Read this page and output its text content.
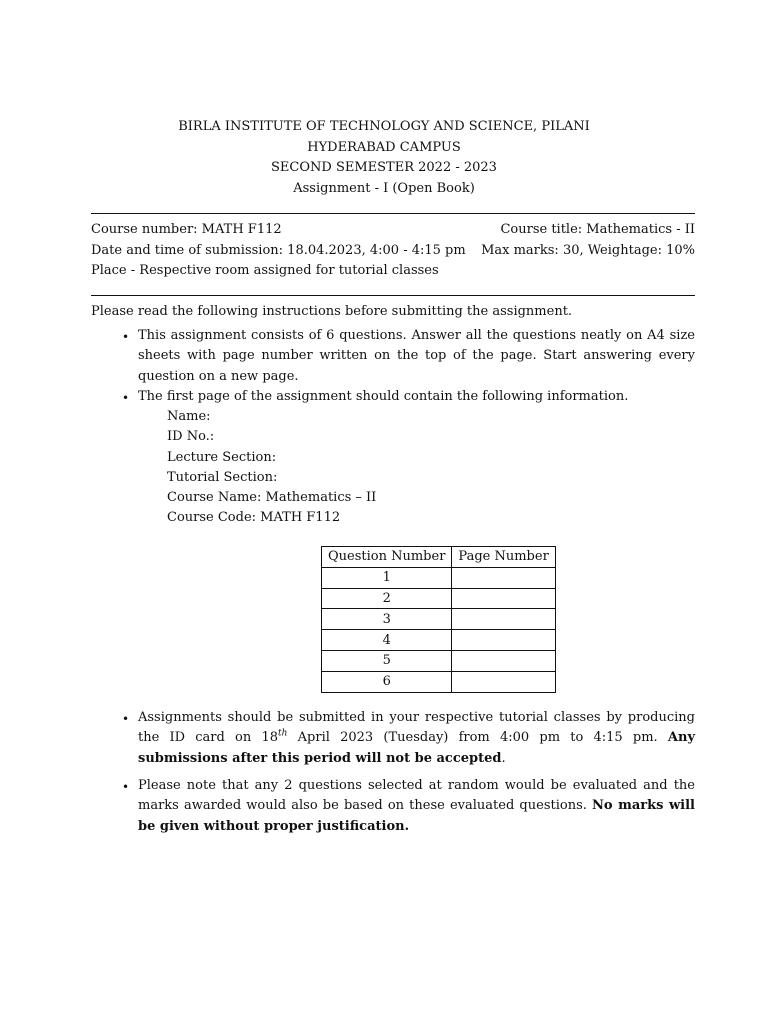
BIRLA INSTITUTE OF TECHNOLOGY AND SCIENCE, PILANI
HYDERABAD CAMPUS
SECOND SEMESTER 2022 - 2023
Assignment - I (Open Book)
Course number: MATH F112	Course title: Mathematics - II
Date and time of submission: 18.04.2023, 4:00 - 4:15 pm Max marks: 30, Weightage: 10%
Place - Respective room assigned for tutorial classes
Please read the following instructions before submitting the assignment.
• This assignment consists of 6 questions. Answer all the questions neatly on A4 size sheets with page number written on the top of the page. Start answering every question on a new page.
• The first page of the assignment should contain the following information.
Name:
ID No.:
Lecture Section:
Tutorial Section:
Course Name: Mathematics – II
Course Code: MATH F112
Question Number	Page Number
1	
2	
3	
4	
5	
6	
• Assignments should be submitted in your respective tutorial classes by producing the ID card on 18th April 2023 (Tuesday) from 4:00 pm to 4:15 pm. Any submissions after this period will not be accepted.
• Please note that any 2 questions selected at random would be evaluated and the marks awarded would also be based on these evaluated questions. No marks will be given without proper justification.
